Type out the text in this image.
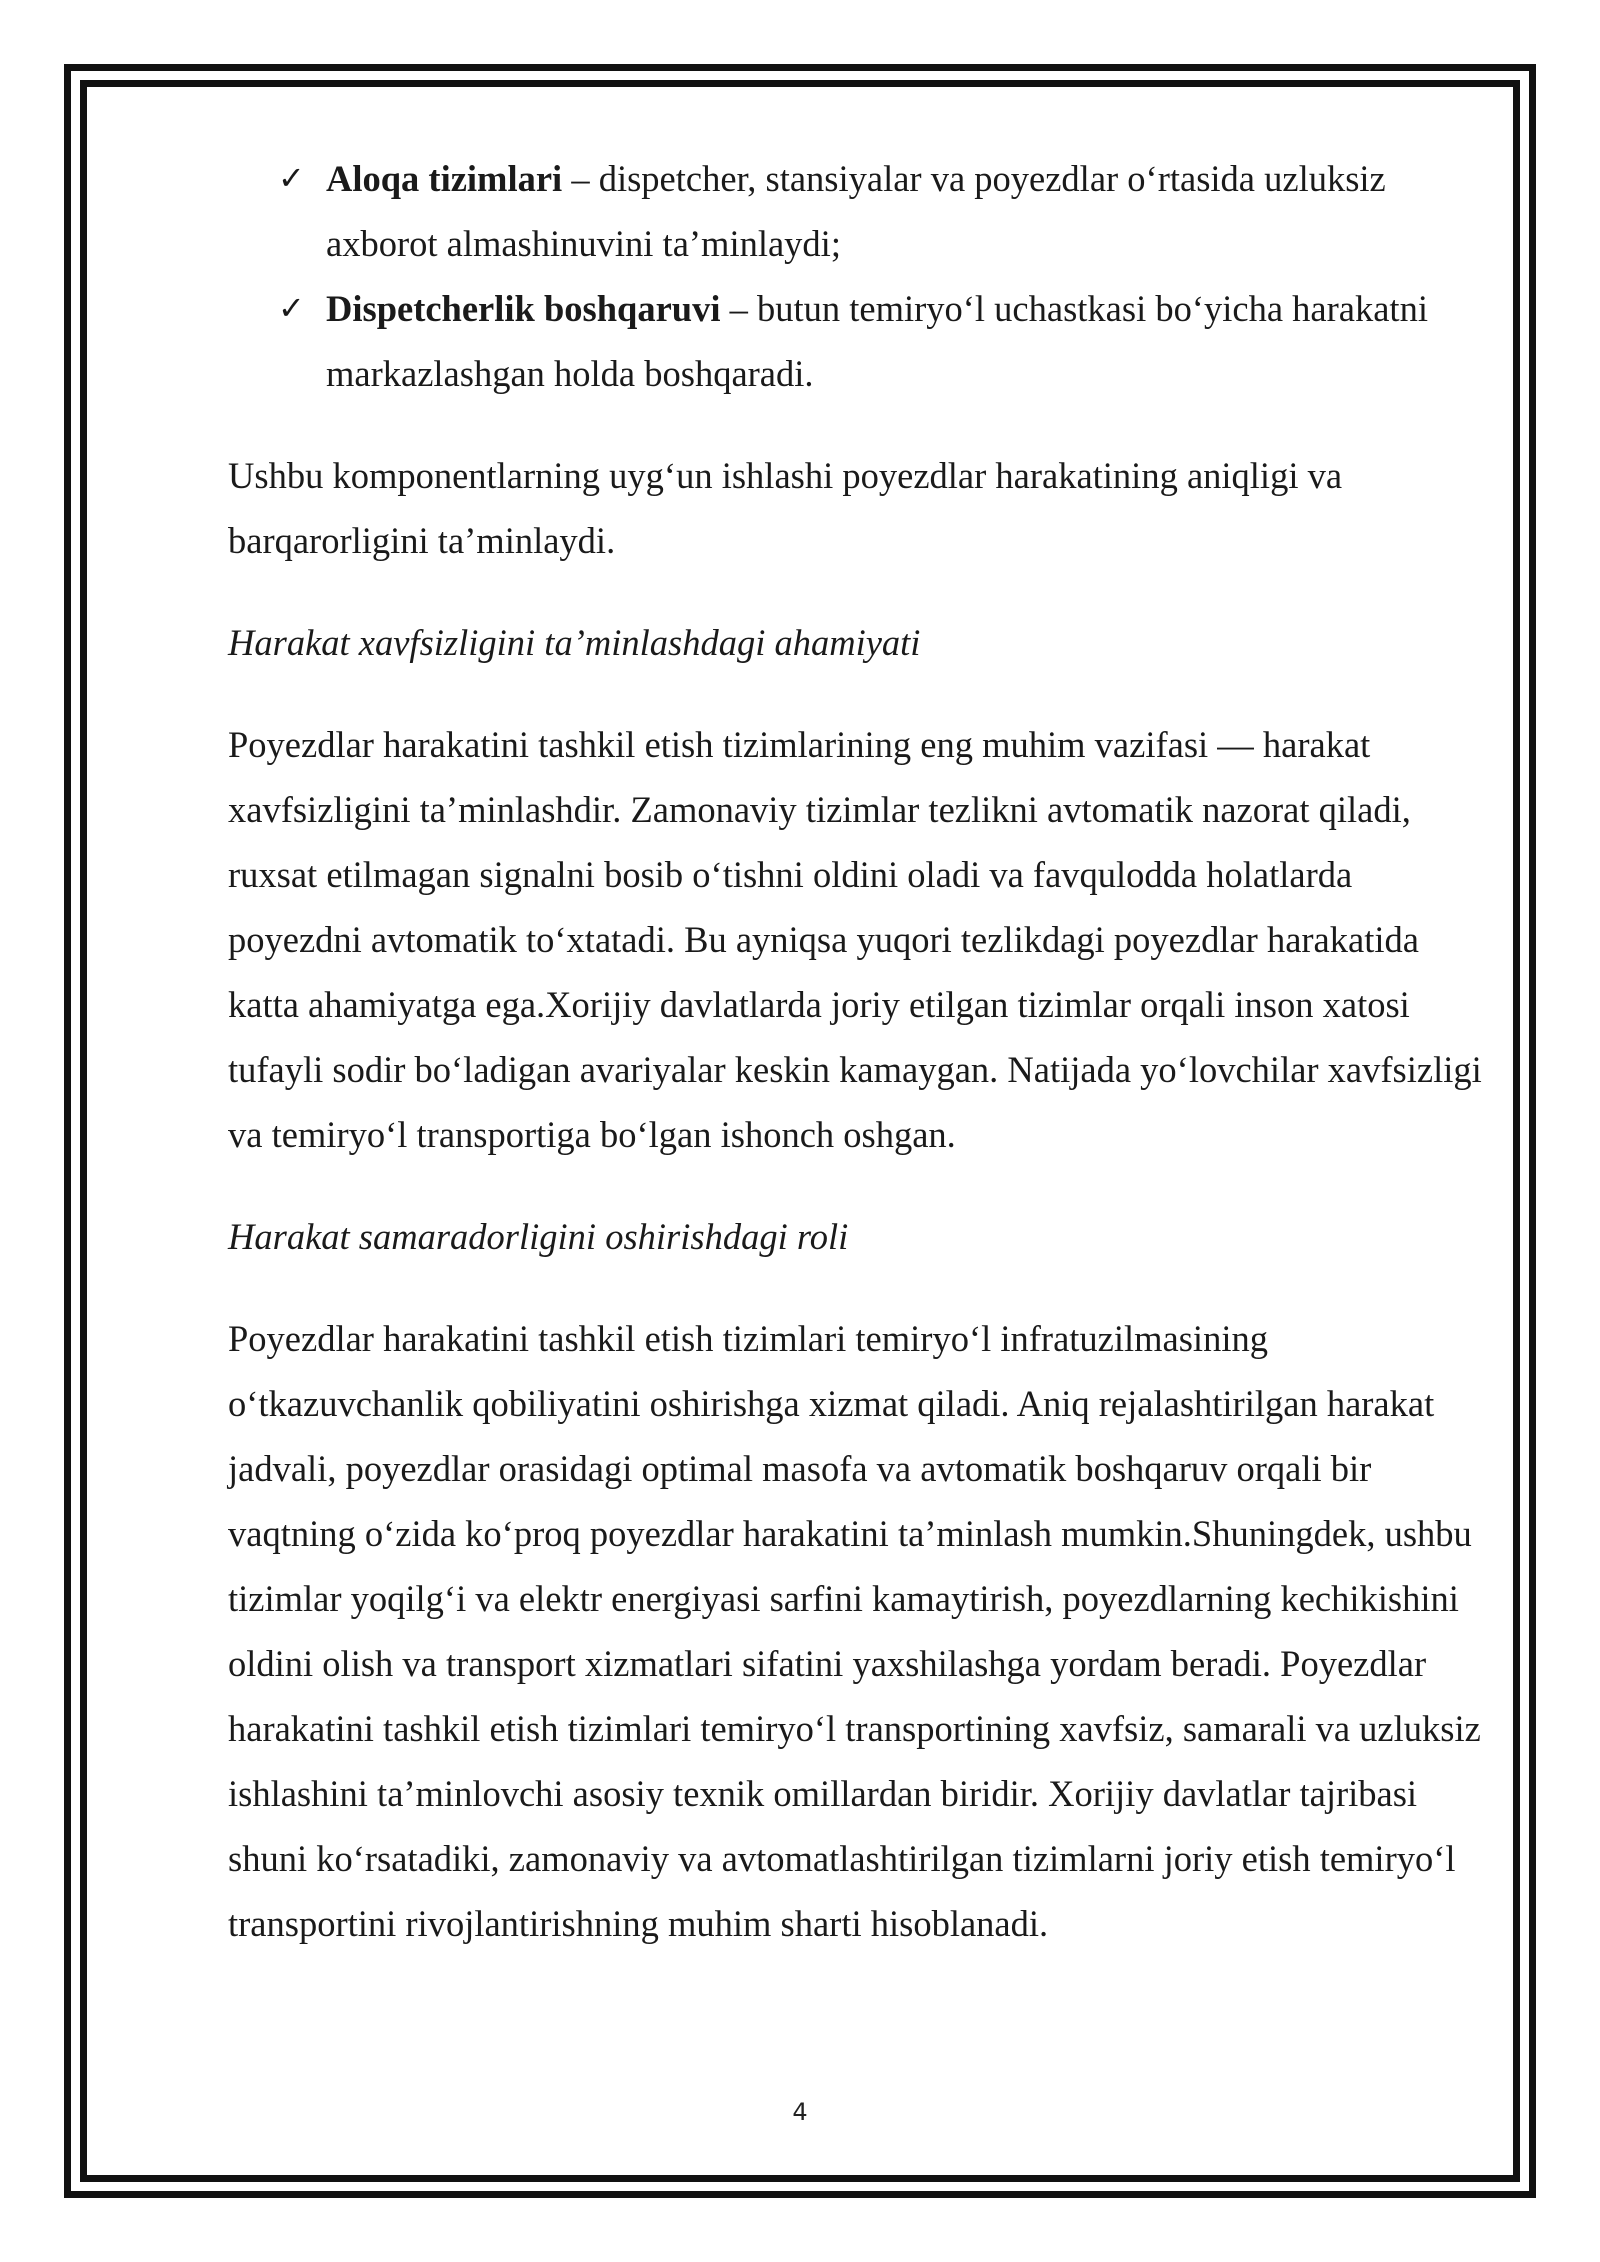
✓ Aloqa tizimlari – dispetcher, stansiyalar va poyezdlar oʻrtasida uzluksiz axborot almashinuvini ta’minlaydi;
✓ Dispetcherlik boshqaruvi – butun temiryoʻl uchastkasi boʻyicha harakatni markazlashgan holda boshqaradi.

Ushbu komponentlarning uygʻun ishlashi poyezdlar harakatining aniqligi va barqarorligini ta’minlaydi.

Harakat xavfsizligini ta’minlashdagi ahamiyati

Poyezdlar harakatini tashkil etish tizimlarining eng muhim vazifasi — harakat xavfsizligini ta’minlashdir. Zamonaviy tizimlar tezlikni avtomatik nazorat qiladi, ruxsat etilmagan signalni bosib oʻtishni oldini oladi va favqulodda holatlarda poyezdni avtomatik toʻxtatadi. Bu ayniqsa yuqori tezlikdagi poyezdlar harakatida katta ahamiyatga ega.Xorijiy davlatlarda joriy etilgan tizimlar orqali inson xatosi tufayli sodir boʻladigan avariyalar keskin kamaygan. Natijada yoʻlovchilar xavfsizligi va temiryoʻl transportiga boʻlgan ishonch oshgan.

Harakat samaradorligini oshirishdagi roli

Poyezdlar harakatini tashkil etish tizimlari temiryoʻl infratuzilmasining oʻtkazuvchanlik qobiliyatini oshirishga xizmat qiladi. Aniq rejalashtirilgan harakat jadvali, poyezdlar orasidagi optimal masofa va avtomatik boshqaruv orqali bir vaqtning oʻzida koʻproq poyezdlar harakatini ta’minlash mumkin.Shuningdek, ushbu tizimlar yoqilgʻi va elektr energiyasi sarfini kamaytirish, poyezdlarning kechikishini oldini olish va transport xizmatlari sifatini yaxshilashga yordam beradi. Poyezdlar harakatini tashkil etish tizimlari temiryoʻl transportining xavfsiz, samarali va uzluksiz ishlashini ta’minlovchi asosiy texnik omillardan biridir. Xorijiy davlatlar tajribasi shuni koʻrsatadiki, zamonaviy va avtomatlashtirilgan tizimlarni joriy etish temiryoʻl transportini rivojlantirishning muhim sharti hisoblanadi.

4
